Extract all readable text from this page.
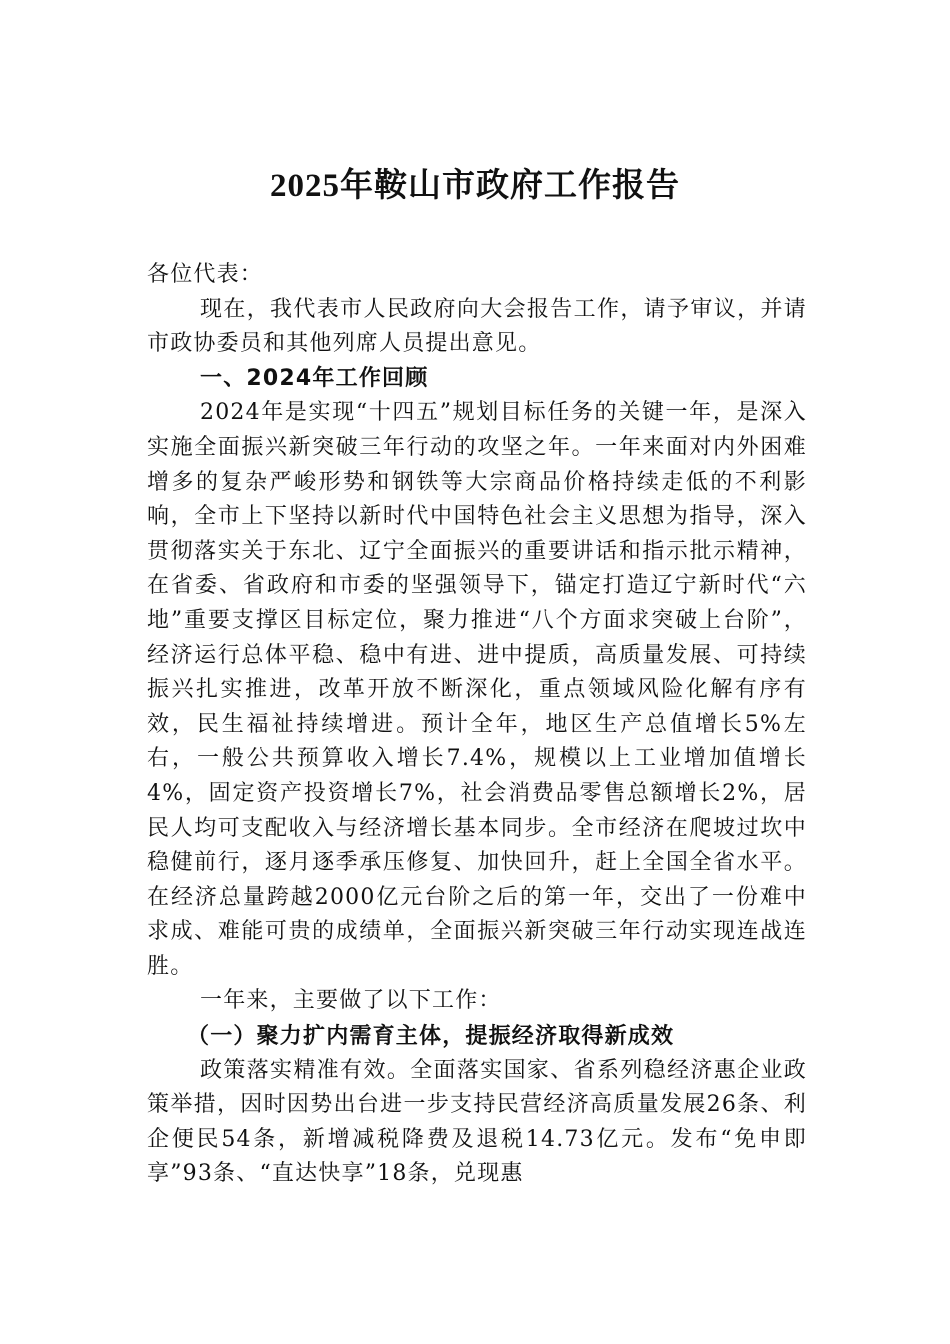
2025年鞍山市政府工作报告

各位代表：

现在，我代表市人民政府向大会报告工作，请予审议，并请市政协委员和其他列席人员提出意见。

一、2024年工作回顾

2024年是实现“十四五”规划目标任务的关键一年，是深入实施全面振兴新突破三年行动的攻坚之年。一年来面对内外困难增多的复杂严峻形势和钢铁等大宗商品价格持续走低的不利影响，全市上下坚持以新时代中国特色社会主义思想为指导，深入贯彻落实关于东北、辽宁全面振兴的重要讲话和指示批示精神，在省委、省政府和市委的坚强领导下，锚定打造辽宁新时代“六地”重要支撑区目标定位，聚力推进“八个方面求突破上台阶”，经济运行总体平稳、稳中有进、进中提质，高质量发展、可持续振兴扎实推进，改革开放不断深化，重点领域风险化解有序有效，民生福祉持续增进。预计全年，地区生产总值增长5%左右，一般公共预算收入增长7.4%，规模以上工业增加值增长4%，固定资产投资增长7%，社会消费品零售总额增长2%，居民人均可支配收入与经济增长基本同步。全市经济在爬坡过坎中稳健前行，逐月逐季承压修复、加快回升，赶上全国全省水平。在经济总量跨越2000亿元台阶之后的第一年，交出了一份难中求成、难能可贵的成绩单，全面振兴新突破三年行动实现连战连胜。

一年来，主要做了以下工作：

（一）聚力扩内需育主体，提振经济取得新成效

政策落实精准有效。全面落实国家、省系列稳经济惠企业政策举措，因时因势出台进一步支持民营经济高质量发展26条、利企便民54条，新增减税降费及退税14.73亿元。发布“免申即享”93条、“直达快享”18条，兑现惠
